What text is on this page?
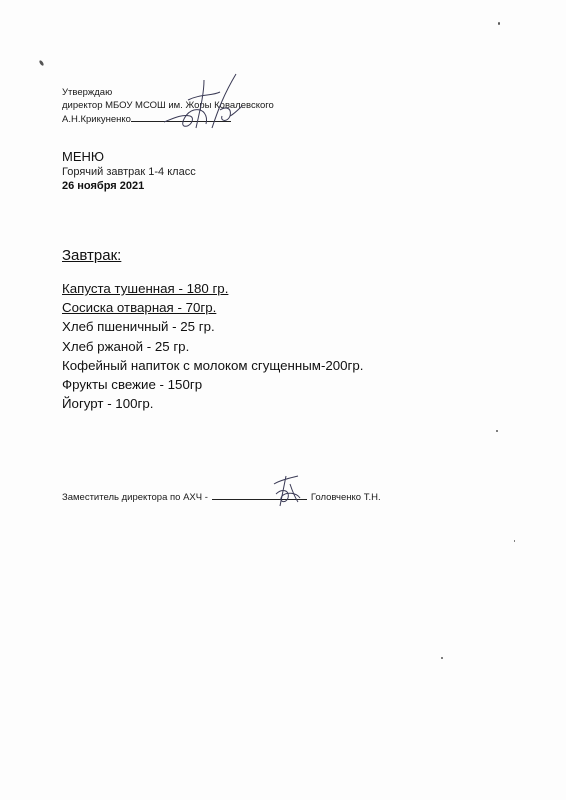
Утверждаю
директор МБОУ МСОШ им. Жоры Ковалевского
А.Н.Крикуненко
МЕНЮ
Горячий завтрак 1-4 класс
26 ноября 2021
Завтрак:
Капуста тушенная - 180 гр.
Сосиска отварная - 70гр.
Хлеб пшеничный - 25 гр.
Хлеб ржаной - 25 гр.
Кофейный напиток с молоком сгущенным-200гр.
Фрукты свежие - 150гр
Йогурт - 100гр.
Заместитель директора по АХЧ -	Головченко Т.Н.
